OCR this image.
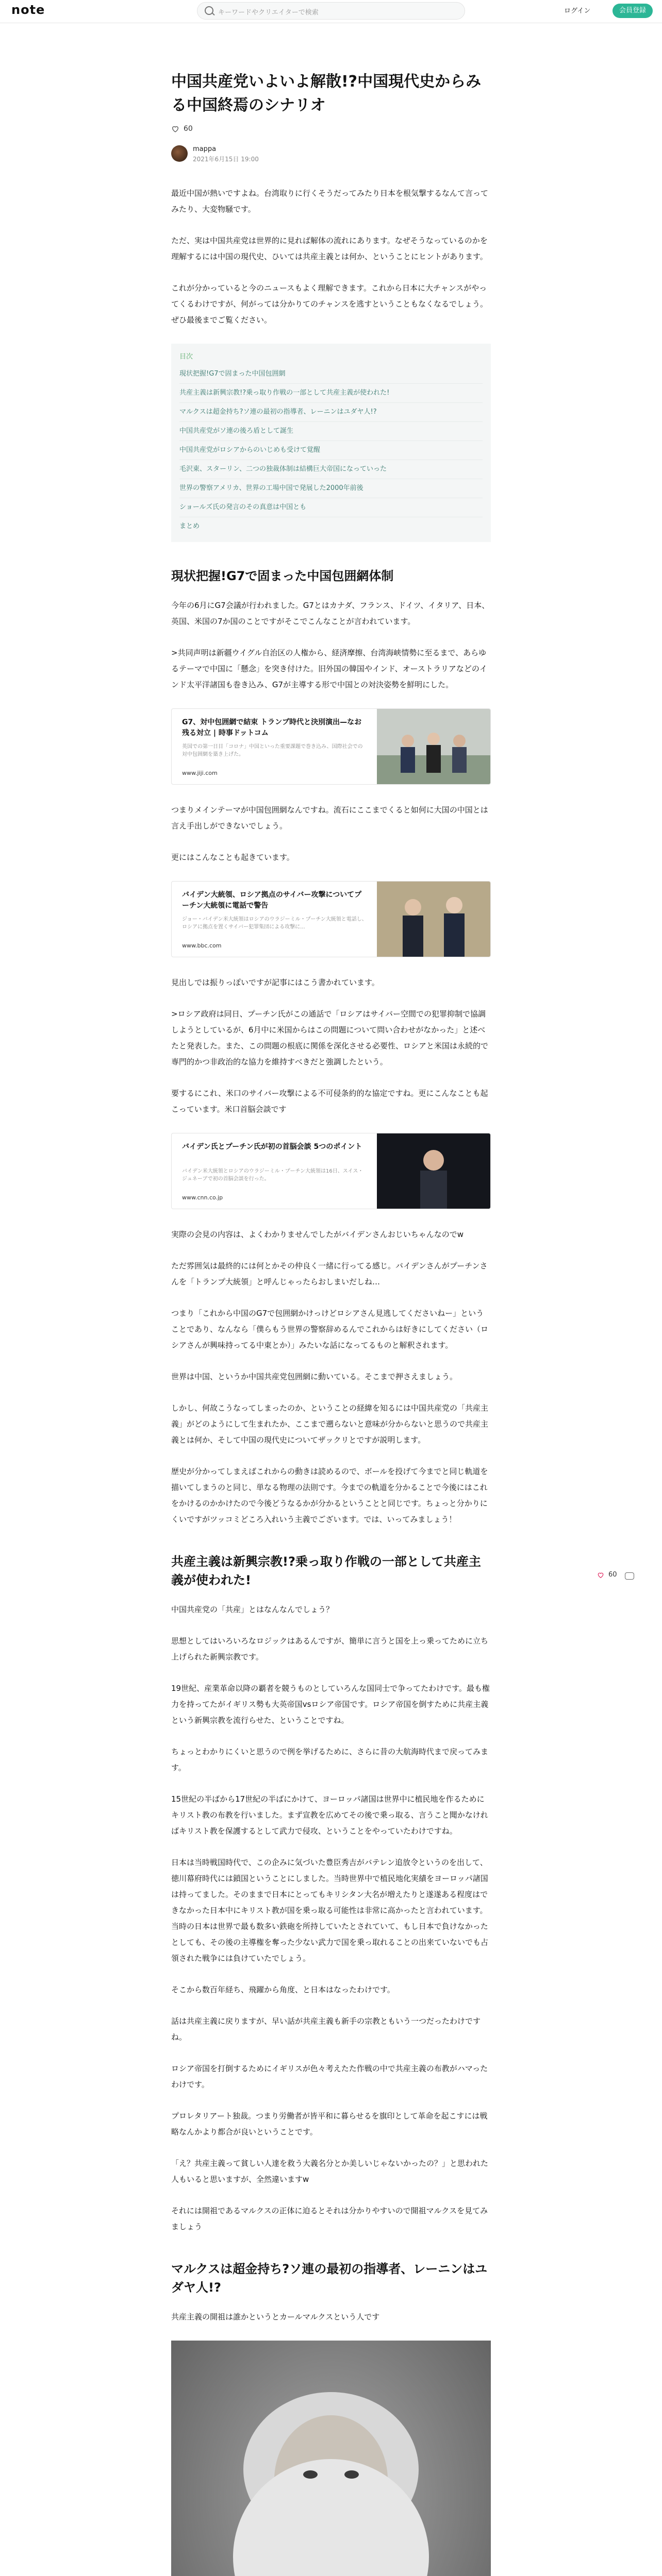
note	キーワードやクリエイターで検索	ログイン	会員登録
中国共産党いよいよ解散!?中国現代史からみる中国終焉のシナリオ
60
mappa
2021年6月15日 19:00

最近中国が熱いですよね。台湾取りに行くそうだってみたり日本を根気撃するなんて言ってみたり、大変物騒です。

ただ、実は中国共産党は世界的に見れば解体の流れにあります。なぜそうなっているのかを理解するには中国の現代史、ひいては共産主義とは何か、ということにヒントがあります。

これが分かっていると今のニュースもよく理解できます。これから日本に大チャンスがやってくるわけですが、何がっては分かりてのチャンスを逃すということもなくなるでしょう。ぜひ最後までご覧ください。

目次
現状把握!G7で固まった中国包囲網
共産主義は新興宗教!?乗っ取り作戦の一部として共産主義が使われた!
マルクスは超金持ち?ソ連の最初の指導者、レーニンはユダヤ人!?
中国共産党がソ連の後ろ盾として誕生
中国共産党がロシアからのいじめも受けて覚醒
毛沢東、スターリン、二つの独裁体制は結構巨大帝国になっていった
世界の警察アメリカ、世界の工場中国で発展した2000年前後
ショールズ氏の発言のその真意は中国とも
まとめ
現状把握!G7で固まった中国包囲網体制

今年の6月にG7会議が行われました。G7とはカナダ、フランス、ドイツ、イタリア、日本、英国、米国の7か国のことですがそこでこんなことが言われています。

>共同声明は新疆ウイグル自治区の人権から、経済摩擦、台湾海峡情勢に至るまで、あらゆるテーマで中国に「懸念」を突き付けた。旧外国の韓国やインド、オーストラリアなどのインド太平洋諸国も巻き込み、G7が主導する形で中国との対決姿勢を鮮明にした。

G7、対中包囲網で結束 トランプ時代と決別演出—なお残る対立 | 時事ドットコム
英国での第一日目「コロナ」中国といった重要課題で巻き込み、国際社会での対中包囲網を築き上げた。
www.jiji.com

つまりメインテーマが中国包囲網なんですね。流石にここまでくると如何に大国の中国とは言え手出しができないでしょう。

更にはこんなことも起きています。

バイデン大統領、ロシア拠点のサイバー攻撃についてプーチン大統領に電話で警告
ジョー・バイデン米大統領はロシアのウラジーミル・プーチン大統領と電話し、ロシアに拠点を置くサイバー犯罪集団による攻撃に...
www.bbc.com

見出しでは振りっぽいですが記事にはこう書かれています。

>ロシア政府は同日、プーチン氏がこの通話で「ロシアはサイバー空間での犯罪抑制で協調しようとしているが、6月中に米国からはこの問題について問い合わせがなかった」と述べたと発表した。また、この問題の根底に関係を深化させる必要性、ロシアと米国は永続的で専門的かつ非政治的な協力を維持すべきだと強調したという。

要するにこれ、米口のサイバー攻撃による不可侵条約的な協定ですね。更にこんなことも起こっています。米口首脳会談です

バイデン氏とプーチン氏が初の首脳会談 5つのポイント
バイデン米大統領とロシアのウラジーミル・プーチン大統領は16日、スイス・ジュネーブで初の首脳会談を行った。
www.cnn.co.jp

実際の会見の内容は、よくわかりませんでしたがバイデンさんおじいちゃんなのでw

ただ雰囲気は最終的には何とかその仲良く一緒に行ってる感じ。バイデンさんがプーチンさんを「トランプ大統領」と呼んじゃったらおしまいだしね…

つまり「これから中国のG7で包囲網かけっけどロシアさん見逃してくださいねー」ということであり、なんなら「僕らもう世界の警察辞めるんでこれからは好きにしてください（ロシアさんが興味持ってる中東とか）」みたいな話になってるものと解釈されます。

世界は中国、というか中国共産党包囲網に動いている。そこまで押さえましょう。

しかし、何故こうなってしまったのか、ということの経緯を知るには中国共産党の「共産主義」がどのようにして生まれたか、ここまで遡らないと意味が分からないと思うので共産主義とは何か、そして中国の現代史についてザックリとですが説明します。

歴史が分かってしまえばこれからの動きは読めるので、ボールを投げて今までと同じ軌道を描いてしまうのと同じ、単なる物理の法則です。今までの軌道を分かることで今後にはこれをかけるのかかけたので今後どうなるかが分かるということと同じです。ちょっと分かりにくいですがツッコミどころ入れいう主義でございます。では、いってみましょう！

共産主義は新興宗教!?乗っ取り作戦の一部として共産主義が使われた!

中国共産党の「共産」とはなんなんでしょう？

思想としてはいろいろなロジックはあるんですが、簡単に言うと国を上っ乗ってために立ち上げられた新興宗教です。

19世紀、産業革命以降の覇者を競うものとしていろんな国同士で争ってたわけです。最も権力を持ってたがイギリス勢も大英帝国vsロシア帝国です。ロシア帝国を倒すために共産主義という新興宗教を流行らせた、ということですね。

ちょっとわかりにくいと思うので例を挙げるために、さらに昔の大航海時代まで戻ってみます。

15世紀の半ばから17世紀の半ばにかけて、ヨーロッパ諸国は世界中に植民地を作るためにキリスト教の布教を行いました。まず宣教を広めてその後で乗っ取る、言うこと聞かなければキリスト教を保護するとして武力で侵攻、ということをやっていたわけですね。

日本は当時戦国時代で、この企みに気づいた豊臣秀吉がバテレン追放令というのを出して、徳川幕府時代には鎖国ということにしました。当時世界中で植民地化実績をヨーロッパ諸国は持ってました。そのままで日本にとってもキリシタン大名が増えたりと遂遂ある程度はできなかった日本中にキリスト教が国を乗っ取る可能性は非常に高かったと言われています。当時の日本は世界で最も数多い鉄砲を所持していたとされていて、もし日本で負けなかったとしても、その後の主導権を奪った少ない武力で国を乗っ取れることの出来ていないでも占領された戦争には負けていたでしょう。

そこから数百年経ち、飛躍から角度、と日本はなったわけです。

話は共産主義に戻りますが、早い話が共産主義も新手の宗教ともいう一つだったわけですね。

ロシア帝国を打倒するためにイギリスが色々考えたた作戦の中で共産主義の布教がハマったわけです。

プロレタリアート独裁。つまり労働者が皆平和に暮らせるを旗印として革命を起こすには戦略なんかより都合が良いということです。

「え？共産主義って貧しい人達を救う大義名分とか美しいじゃないかったの？」と思われた人もいると思いますが、全然違いますw

それには開祖であるマルクスの正体に迫るとそれは分かりやすいので開祖マルクスを見てみましょう

マルクスは超金持ち?ソ連の最初の指導者、レーニンはユダヤ人!?

共産主義の開祖は誰かというとカールマルクスという人です

60
